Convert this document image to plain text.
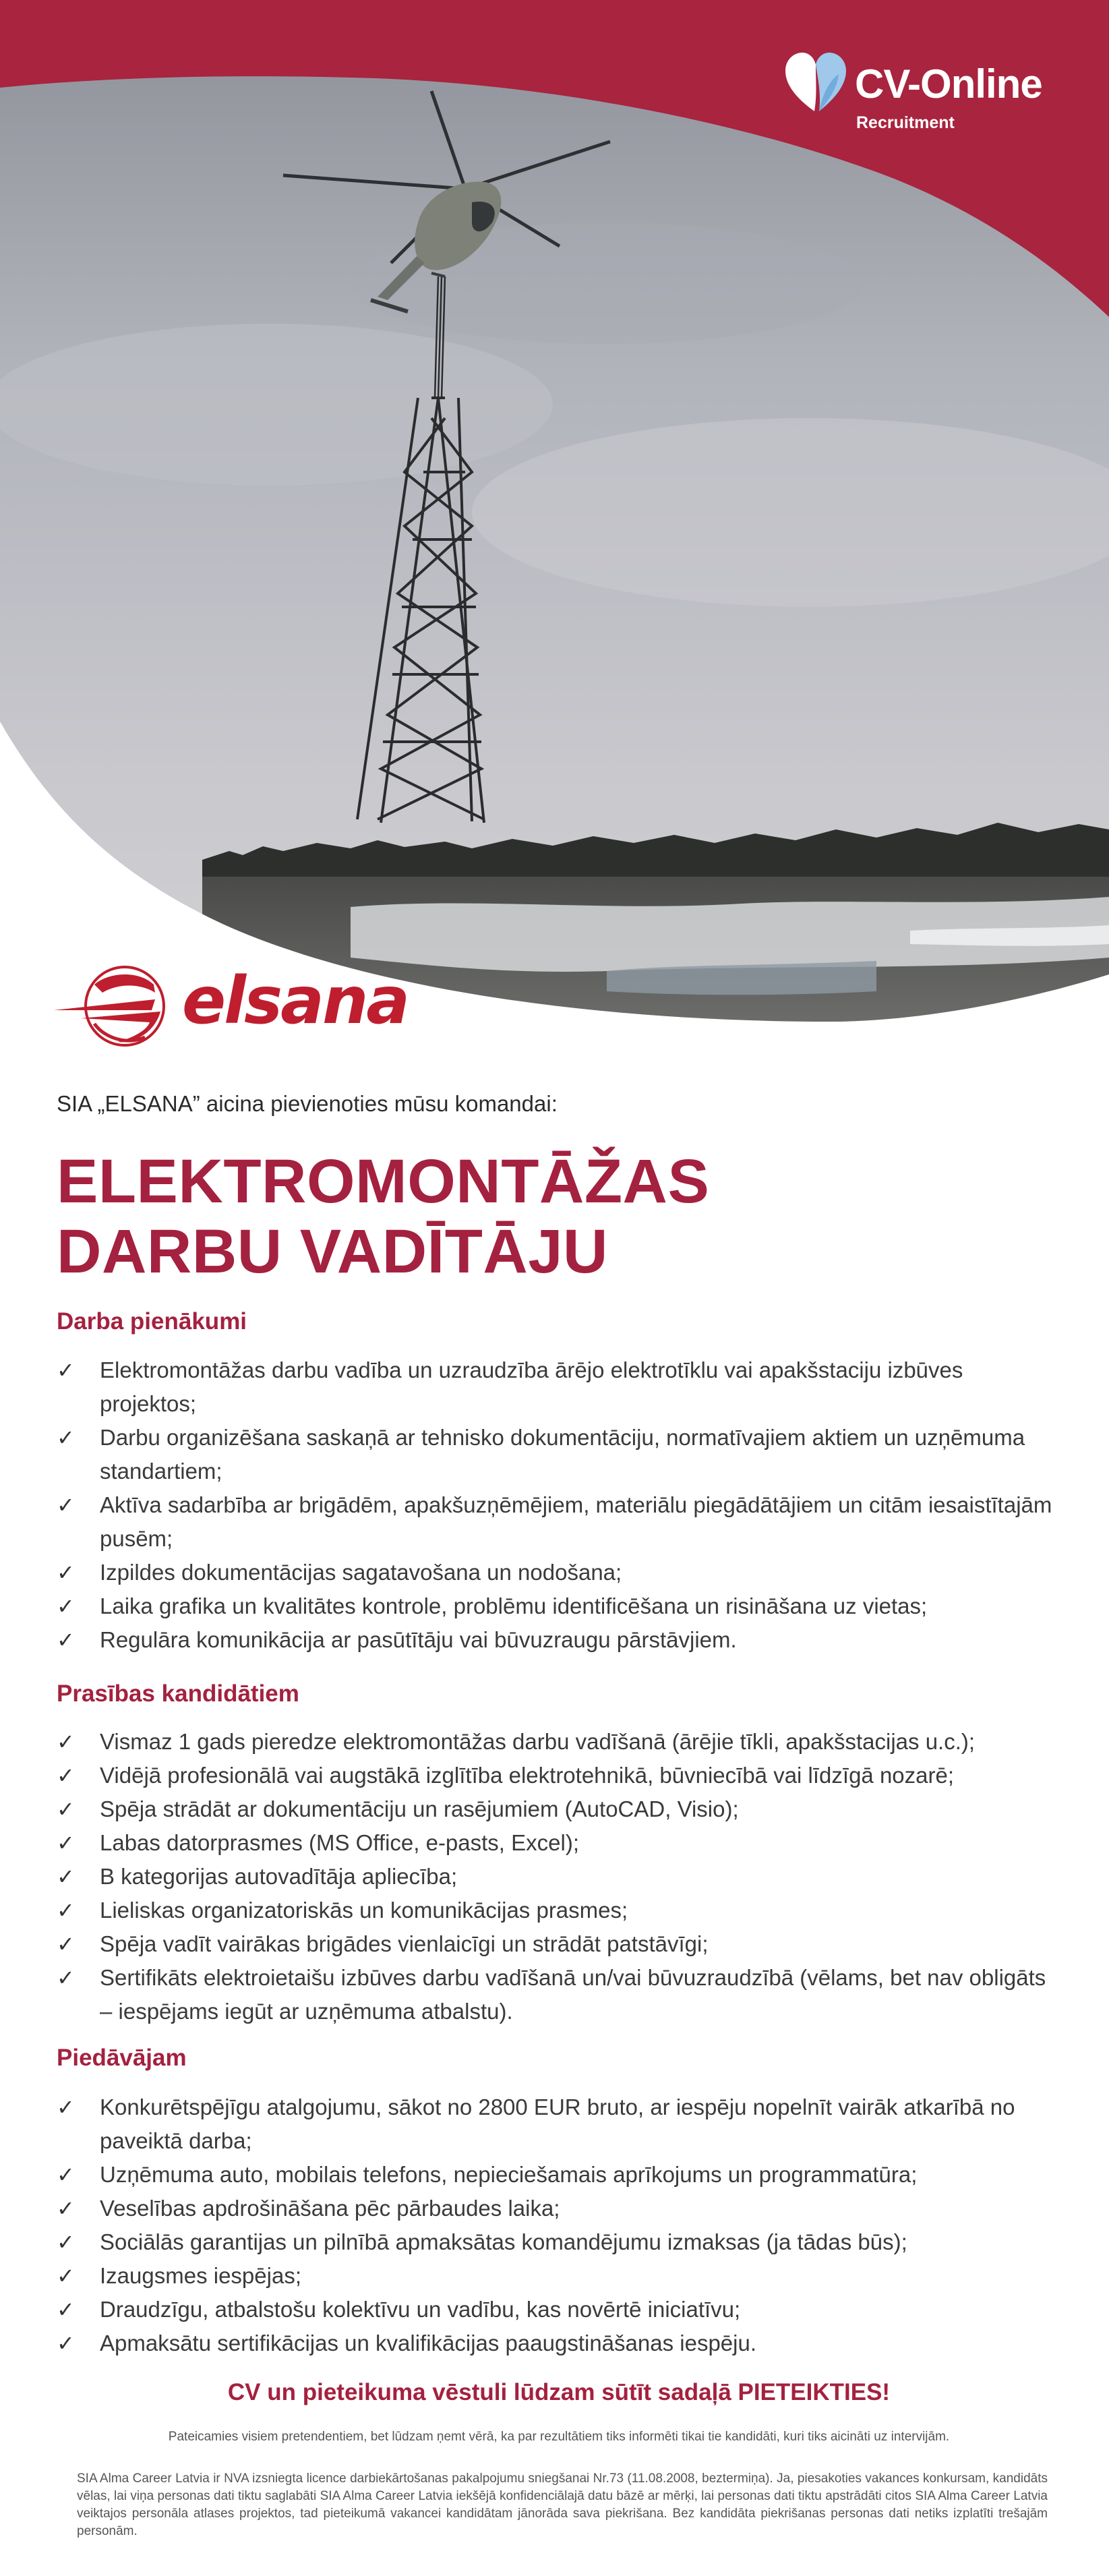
CV-Online
Recruitment
elsana
SIA „ELSANA” aicina pievienoties mūsu komandai:
ELEKTROMONTĀŽAS
DARBU VADĪTĀJU
Darba pienākumi
✓	Elektromontāžas darbu vadība un uzraudzība ārējo elektrotīklu vai apakšstaciju izbūves projektos;
✓	Darbu organizēšana saskaņā ar tehnisko dokumentāciju, normatīvajiem aktiem un uzņēmuma standartiem;
✓	Aktīva sadarbība ar brigādēm, apakšuzņēmējiem, materiālu piegādātājiem un citām iesaistītajām pusēm;
✓	Izpildes dokumentācijas sagatavošana un nodošana;
✓	Laika grafika un kvalitātes kontrole, problēmu identificēšana un risināšana uz vietas;
✓	Regulāra komunikācija ar pasūtītāju vai būvuzraugu pārstāvjiem.
Prasības kandidātiem
✓	Vismaz 1 gads pieredze elektromontāžas darbu vadīšanā (ārējie tīkli, apakšstacijas u.c.);
✓	Vidējā profesionālā vai augstākā izglītība elektrotehnikā, būvniecībā vai līdzīgā nozarē;
✓	Spēja strādāt ar dokumentāciju un rasējumiem (AutoCAD, Visio);
✓	Labas datorprasmes (MS Office, e-pasts, Excel);
✓	B kategorijas autovadītāja apliecība;
✓	Lieliskas organizatoriskās un komunikācijas prasmes;
✓	Spēja vadīt vairākas brigādes vienlaicīgi un strādāt patstāvīgi;
✓	Sertifikāts elektroietaišu izbūves darbu vadīšanā un/vai būvuzraudzībā (vēlams, bet nav obligāts – iespējams iegūt ar uzņēmuma atbalstu).
Piedāvājam
✓	Konkurētspējīgu atalgojumu, sākot no 2800 EUR bruto, ar iespēju nopelnīt vairāk atkarībā no paveiktā darba;
✓	Uzņēmuma auto, mobilais telefons, nepieciešamais aprīkojums un programmatūra;
✓	Veselības apdrošināšana pēc pārbaudes laika;
✓	Sociālās garantijas un pilnībā apmaksātas komandējumu izmaksas (ja tādas būs);
✓	Izaugsmes iespējas;
✓	Draudzīgu, atbalstošu kolektīvu un vadību, kas novērtē iniciatīvu;
✓	Apmaksātu sertifikācijas un kvalifikācijas paaugstināšanas iespēju.
CV un pieteikuma vēstuli lūdzam sūtīt sadaļā PIETEIKTIES!
Pateicamies visiem pretendentiem, bet lūdzam ņemt vērā, ka par rezultātiem tiks informēti tikai tie kandidāti, kuri tiks aicināti uz intervijām.
SIA Alma Career Latvia ir NVA izsniegta licence darbiekārtošanas pakalpojumu sniegšanai Nr.73 (11.08.2008, beztermiņa). Ja, piesakoties vakances konkursam, kandidāts vēlas, lai viņa personas dati tiktu saglabāti SIA Alma Career Latvia iekšējā konfidenciālajā datu bāzē ar mērķi, lai personas dati tiktu apstrādāti citos SIA Alma Career Latvia veiktajos personāla atlases projektos, tad pieteikumā vakancei kandidātam jānorāda sava piekrišana. Bez kandidāta piekrišanas personas dati netiks izplatīti trešajām personām.
